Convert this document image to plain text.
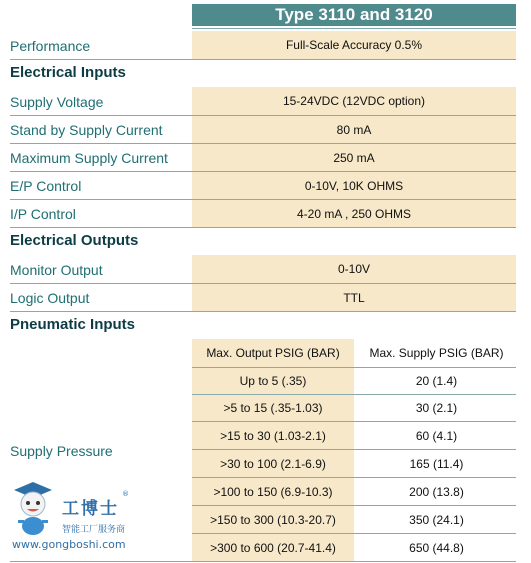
Type 3110 and 3120
Performance	Full-Scale Accuracy 0.5%
Electrical Inputs
Supply Voltage	15-24VDC (12VDC option)
Stand by Supply Current	80 mA
Maximum Supply Current	250 mA
E/P Control	0-10V, 10K OHMS
I/P Control	4-20 mA , 250 OHMS
Electrical Outputs
Monitor Output	0-10V
Logic Output	TTL
Pneumatic Inputs
Max. Output PSIG (BAR)	Max. Supply PSIG (BAR)
Supply Pressure
Up to 5 (.35)	20 (1.4)
>5 to 15 (.35-1.03)	30 (2.1)
>15 to 30 (1.03-2.1)	60 (4.1)
>30 to 100 (2.1-6.9)	165 (11.4)
>100 to 150 (6.9-10.3)	200 (13.8)
>150 to 300 (10.3-20.7)	350 (24.1)
>300 to 600 (20.7-41.4)	650 (44.8)
工博士
®
智能工厂服务商
www.gongboshi.com
